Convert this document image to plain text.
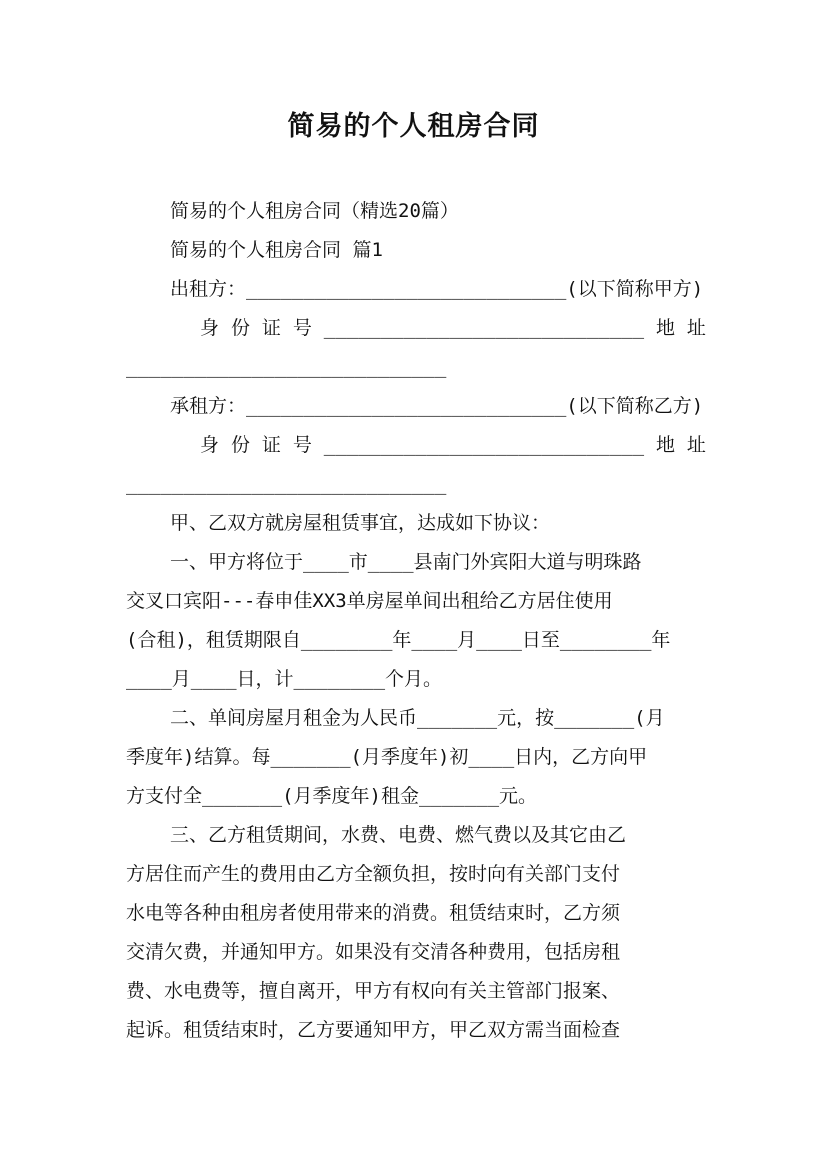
简易的个人租房合同
简易的个人租房合同（精选20篇）
简易的个人租房合同 篇1
出租方：____________________________(以下简称甲方)
身 份 证 号 ____________________________ 地 址
____________________________
承租方：____________________________(以下简称乙方)
身 份 证 号 ____________________________ 地 址
____________________________
甲、乙双方就房屋租赁事宜，达成如下协议：
一、甲方将位于____市____县南门外宾阳大道与明珠路
交叉口宾阳---春申佳XX3单房屋单间出租给乙方居住使用
(合租)，租赁期限自________年____月____日至________年
____月____日，计________个月。
二、单间房屋月租金为人民币_______元，按_______(月
季度年)结算。每_______(月季度年)初____日内，乙方向甲
方支付全_______(月季度年)租金_______元。
三、乙方租赁期间，水费、电费、燃气费以及其它由乙
方居住而产生的费用由乙方全额负担，按时向有关部门支付
水电等各种由租房者使用带来的消费。租赁结束时，乙方须
交清欠费，并通知甲方。如果没有交清各种费用，包括房租
费、水电费等，擅自离开，甲方有权向有关主管部门报案、
起诉。租赁结束时，乙方要通知甲方，甲乙双方需当面检查
